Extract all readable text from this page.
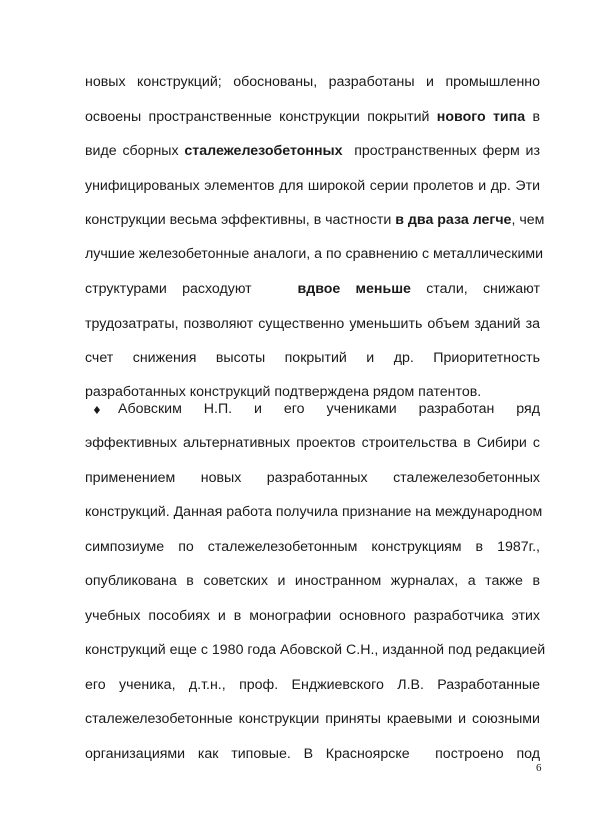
новых конструкций; обоснованы, разработаны и промышленно
освоены пространственные конструкции покрытий нового типа в
виде сборных сталежелезобетонных  пространственных ферм из
унифицированых элементов для широкой серии пролетов и др. Эти
конструкции весьма эффективны, в частности в два раза легче, чем
лучшие железобетонные аналоги, а по сравнению с металлическими
структурами расходуют   вдвое меньше стали, снижают
трудозатраты, позволяют существенно уменьшить объем зданий за
счет снижения высоты покрытий и др. Приоритетность
разработанных конструкций подтверждена рядом патентов.
Абовским Н.П. и его учениками разработан ряд
эффективных альтернативных проектов строительства в Сибири с
применением новых разработанных сталежелезобетонных
конструкций. Данная работа получила признание на международном
симпозиуме по сталежелезобетонным конструкциям в 1987г.,
опубликована в советских и иностранном журналах, а также в
учебных пособиях и в монографии основного разработчика этих
конструкций еще с 1980 года Абовской С.Н., изданной под редакцией
его ученика, д.т.н., проф. Енджиевского Л.В. Разработанные
сталежелезобетонные конструкции приняты краевыми и союзными
организациями как типовые. В Красноярске  построено под
♦
6
